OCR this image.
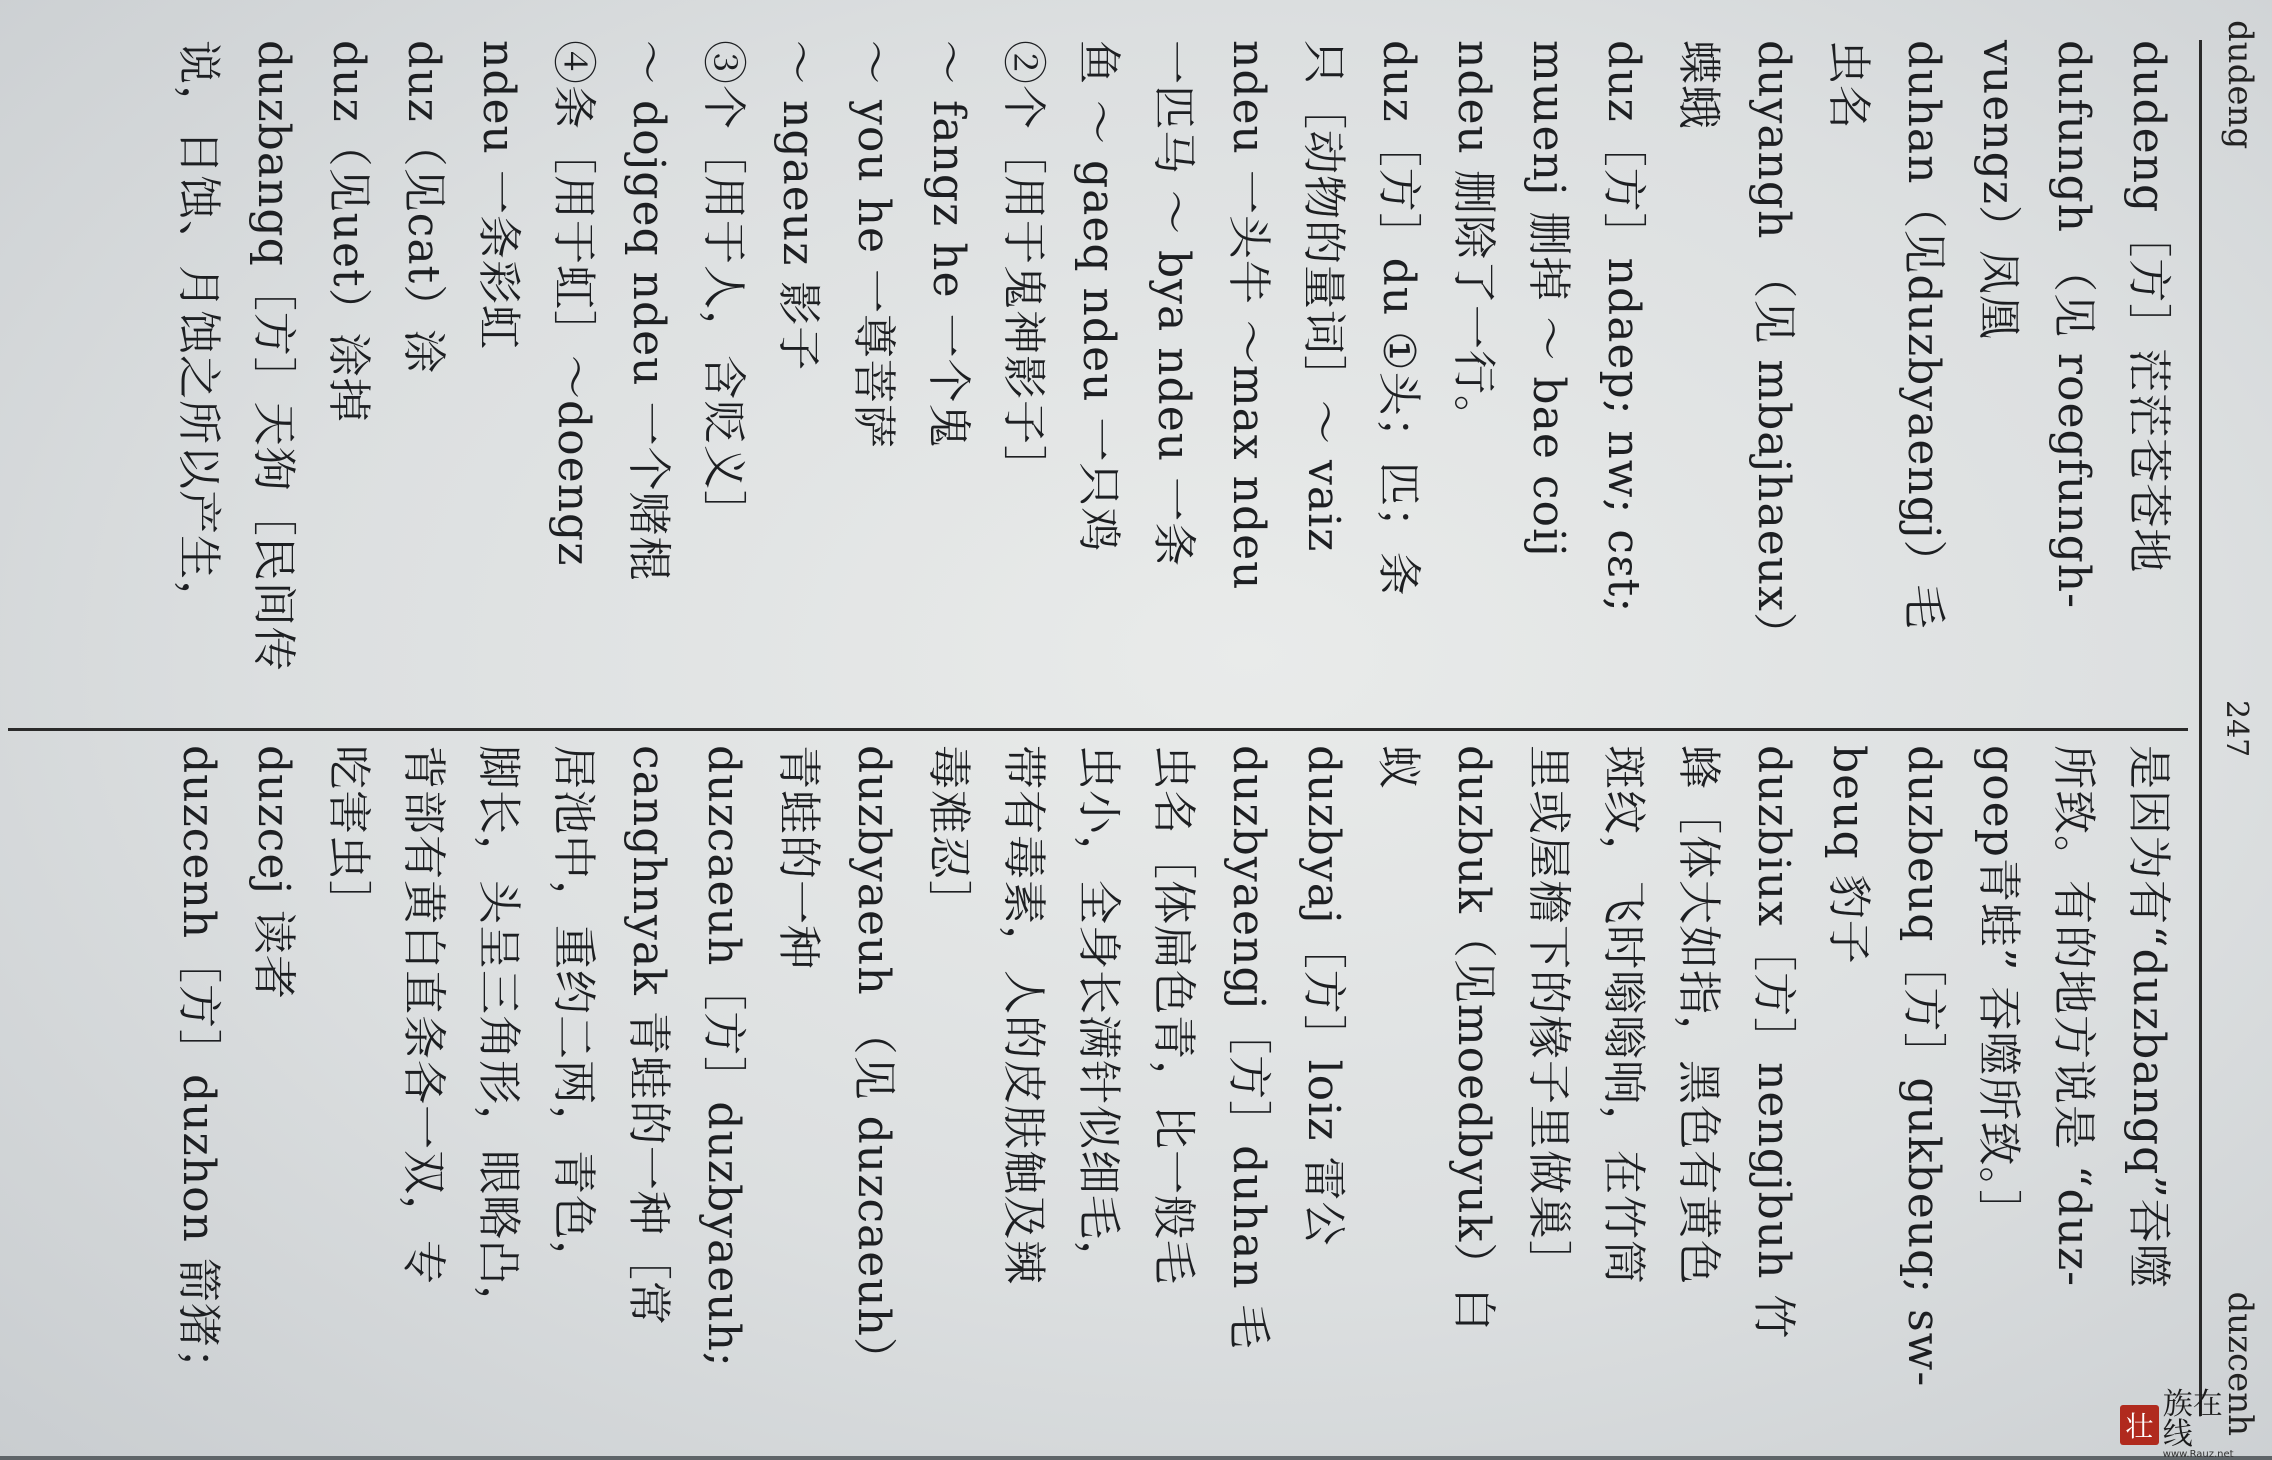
dudeng
247
duzcenh
dudeng［方］茫茫苍苍地
dufungh （见 roegfungh-
vuengz）凤凰
duhan（见duzbyaengj）毛
虫名
duyangh （见 mbajhaeux）
蝶蛾
duz［方］ndaep; nw; cɛt;
mɯenj 删掉 ～ bae coij
ndeu 删除了一行。
duz［方］du ①头；匹；条
只［动物的量词］～ vaiz
ndeu 一头牛 ～max ndeu
一匹马 ～ bya ndeu 一条
鱼 ～ gaeq ndeu 一只鸡
②个［用于鬼神影子］
～ fangz he 一个鬼
～ you he 一尊菩萨
～ ngaeuz 影子
③个［用于人，含贬义］
～ dojgeq ndeu 一个赌棍
④条［用于虹］～doengz
ndeu 一条彩虹
duz（见cat）涂
duz（见uet）涂掉
duzbangq［方］天狗［民间传
说，日蚀、月蚀之所以产生，
是因为有“duzbangq”吞噬
所致。有的地方说是 “duz-
goep青蛙” 吞噬所致。］
duzbeuq［方］gukbeuq; sw-
beuq 豹子
duzbiux［方］nengjbuh 竹
蜂［体大如指，黑色有黄色
斑纹，飞时嗡嗡响，在竹筒
里或屋檐下的椽子里做巢］
duzbuk（见moedbyuk）白
蚁
duzbyaj［方］loiz 雷公
duzbyaengj［方］duhan 毛
虫名［体扁色青，比一般毛
虫小，全身长满针似细毛，
带有毒素，人的皮肤触及辣
毒难忍］
duzbyaeuh （见 duzcaeuh）
青蛙的一种
duzcaeuh［方］duzbyaeuh;
canghnyak 青蛙的一种［常
居池中，重约二两，青色，
脚长，头呈三角形，眼略凸，
背部有黄白直条各一双，专
吃害虫］
duzcej 读者
duzcenh［方］duzhon 箭猪；
壮
族在线
www.Rauz.net
